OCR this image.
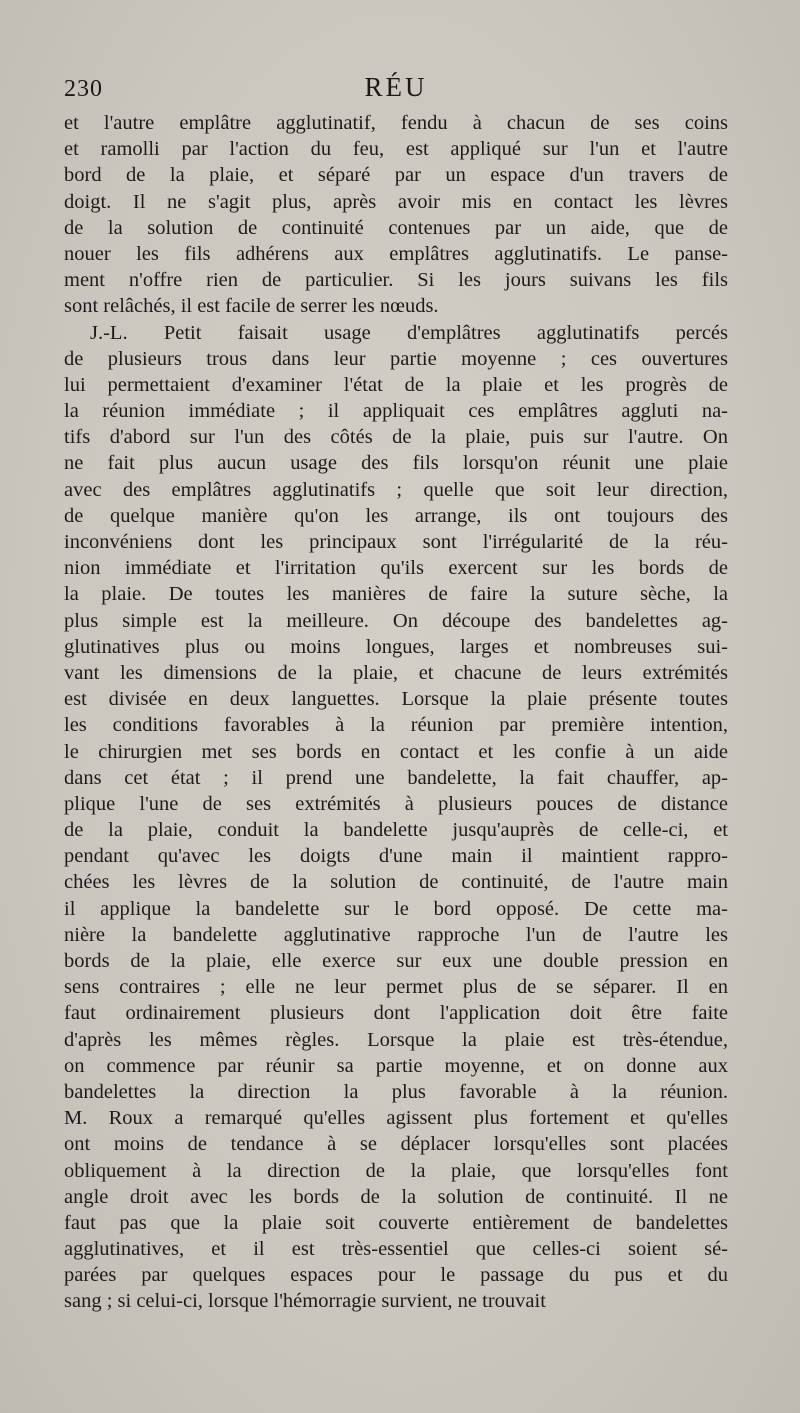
230	RÉU
et l'autre emplâtre agglutinatif, fendu à chacun de ses coins
et ramolli par l'action du feu, est appliqué sur l'un et l'autre
bord de la plaie, et séparé par un espace d'un travers de
doigt. Il ne s'agit plus, après avoir mis en contact les lèvres
de la solution de continuité contenues par un aide, que de
nouer les fils adhérens aux emplâtres agglutinatifs. Le panse-
ment n'offre rien de particulier. Si les jours suivans les fils
sont relâchés, il est facile de serrer les nœuds.
J.-L. Petit faisait usage d'emplâtres agglutinatifs percés
de plusieurs trous dans leur partie moyenne ; ces ouvertures
lui permettaient d'examiner l'état de la plaie et les progrès de
la réunion immédiate ; il appliquait ces emplâtres aggluti na-
tifs d'abord sur l'un des côtés de la plaie, puis sur l'autre. On
ne fait plus aucun usage des fils lorsqu'on réunit une plaie
avec des emplâtres agglutinatifs ; quelle que soit leur direction,
de quelque manière qu'on les arrange, ils ont toujours des
inconvéniens dont les principaux sont l'irrégularité de la réu-
nion immédiate et l'irritation qu'ils exercent sur les bords de
la plaie. De toutes les manières de faire la suture sèche, la
plus simple est la meilleure. On découpe des bandelettes ag-
glutinatives plus ou moins longues, larges et nombreuses sui-
vant les dimensions de la plaie, et chacune de leurs extrémités
est divisée en deux languettes. Lorsque la plaie présente toutes
les conditions favorables à la réunion par première intention,
le chirurgien met ses bords en contact et les confie à un aide
dans cet état ; il prend une bandelette, la fait chauffer, ap-
plique l'une de ses extrémités à plusieurs pouces de distance
de la plaie, conduit la bandelette jusqu'auprès de celle-ci, et
pendant qu'avec les doigts d'une main il maintient rappro-
chées les lèvres de la solution de continuité, de l'autre main
il applique la bandelette sur le bord opposé. De cette ma-
nière la bandelette agglutinative rapproche l'un de l'autre les
bords de la plaie, elle exerce sur eux une double pression en
sens contraires ; elle ne leur permet plus de se séparer. Il en
faut ordinairement plusieurs dont l'application doit être faite
d'après les mêmes règles. Lorsque la plaie est très-étendue,
on commence par réunir sa partie moyenne, et on donne aux
bandelettes la direction la plus favorable à la réunion.
M. Roux a remarqué qu'elles agissent plus fortement et qu'elles
ont moins de tendance à se déplacer lorsqu'elles sont placées
obliquement à la direction de la plaie, que lorsqu'elles font
angle droit avec les bords de la solution de continuité. Il ne
faut pas que la plaie soit couverte entièrement de bandelettes
agglutinatives, et il est très-essentiel que celles-ci soient sé-
parées par quelques espaces pour le passage du pus et du
sang ; si celui-ci, lorsque l'hémorragie survient, ne trouvait
